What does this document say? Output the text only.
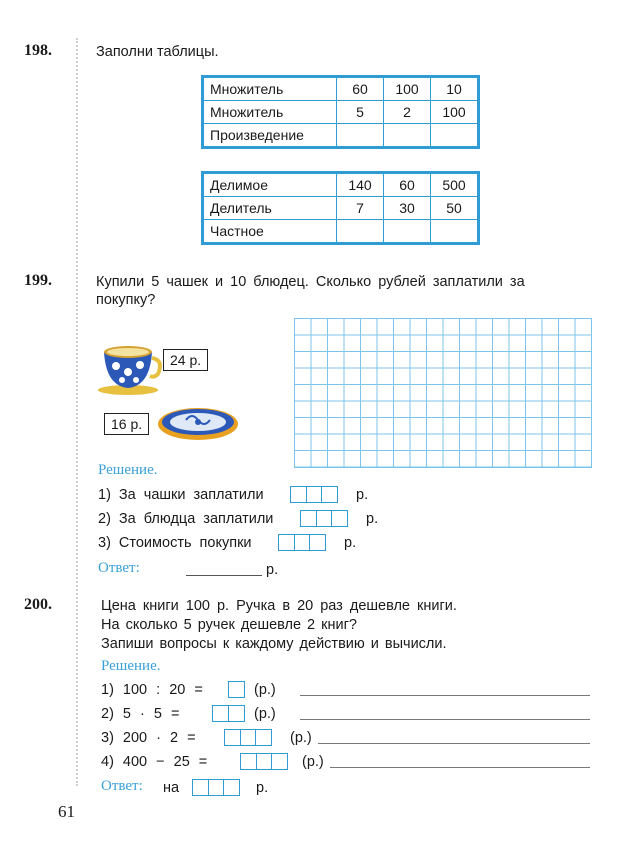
198.	Заполни таблицы.
Множитель	60	100	10
Множитель	5	2	100
Произведение			
Делимое	140	60	500
Делитель	7	30	50
Частное			
199.	Купили 5 чашек и 10 блюдец. Сколько рублей заплатили за
покупку?
24 р.
16 р.
Решение.
1) За чашки заплатили	р.
2) За блюдца заплатили	р.
3) Стоимость покупки	р.
Ответ:	р.
200.	Цена книги 100 р. Ручка в 20 раз дешевле книги.
На сколько 5 ручек дешевле 2 книг?
Запиши вопросы к каждому действию и вычисли.
Решение.
1) 100 : 20 =	(р.)
2) 5 · 5 =	(р.)
3) 200 · 2 =	(р.)
4) 400 − 25 =	(р.)
Ответ: на	р.
61
